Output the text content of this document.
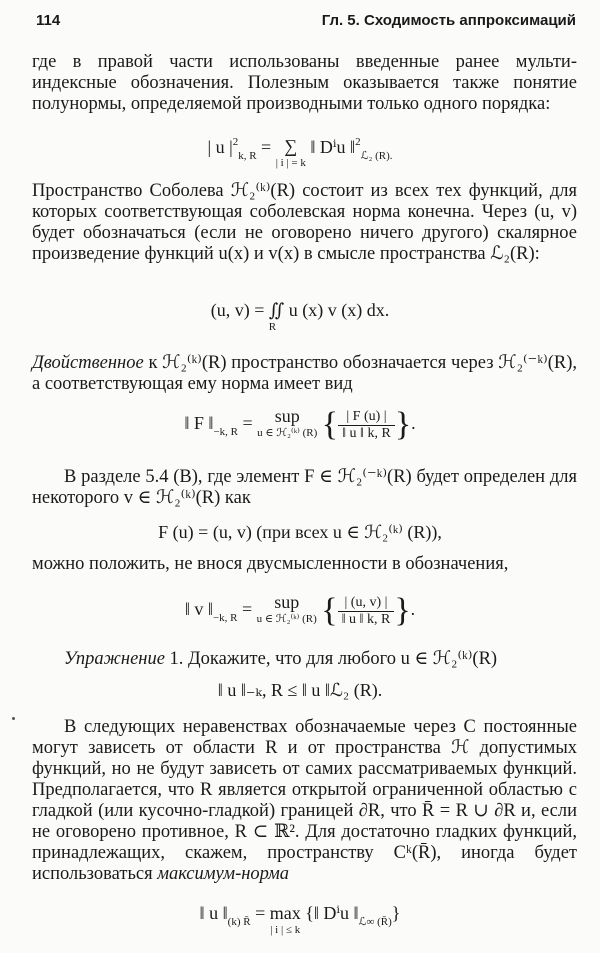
114	Гл. 5. Сходимость аппроксимаций
где в правой части использованы введенные ранее мульти-индексные обозначения. Полезным оказывается также понятие полунормы, определяемой производными только одного порядка:
| u $|^2_{k, R}$ = ∑
| i | = k
‖ Dⁱu ‖$^2_{ℒ_2 (R).}$
Пространство Соболева ℋ₂⁽ᵏ⁾(R) состоит из всех тех функций, для которых соответствующая соболевская норма конечна. Через (u, v) будет обозначаться (если не оговорено ничего другого) скалярное произведение функций u(x) и v(x) в смысле пространства ℒ₂(R):
(u, v) = ∬ u (x) v (x) dx.
R
Двойственное к ℋ₂⁽ᵏ⁾(R) пространство обозначается через ℋ₂⁽⁻ᵏ⁾(R), а соответствующая ему норма имеет вид
‖ F $‖_{-k, R}$ = sup
u ∈ ℋ₂⁽ᵏ⁾ (R) { $\frac{| F (u) |}{‖ u ‖ k, R}$ }.
В разделе 5.4 (B), где элемент F ∈ ℋ₂⁽⁻ᵏ⁾(R) будет определен для некоторого v ∈ ℋ₂⁽ᵏ⁾(R) как
F (u) = (u, v) (при всех u ∈ ℋ₂⁽ᵏ⁾ (R)),
можно положить, не внося двусмысленности в обозначения,
‖ v $‖_{-k, R}$ = sup
u ∈ ℋ₂⁽ᵏ⁾ (R) { $\frac{| (u, v) |}{‖ u ‖ k, R}$ }.
Упражнение 1. Докажите, что для любого u ∈ ℋ₂⁽ᵏ⁾(R)
‖ u ‖₋ₖ, R ≤ ‖ u ‖ℒ₂ (R).
В следующих неравенствах обозначаемые через C постоянные могут зависеть от области R и от пространства ℋ допустимых функций, но не будут зависеть от самих рассматриваемых функций. Предполагается, что R является открытой ограниченной областью с гладкой (или кусочно-гладкой) границей ∂R, что R̄ = R ∪ ∂R и, если не оговорено противное, R ⊂ ℝ². Для достаточно гладких функций, принадлежащих, скажем, пространству Cᵏ(R̄), иногда будет использоваться максимум-норма
‖ u $‖_{(k) R̄} = \max$
| i | ≤ k
{‖ Dⁱu $‖_{ℒ\infty (R̄)}$}
